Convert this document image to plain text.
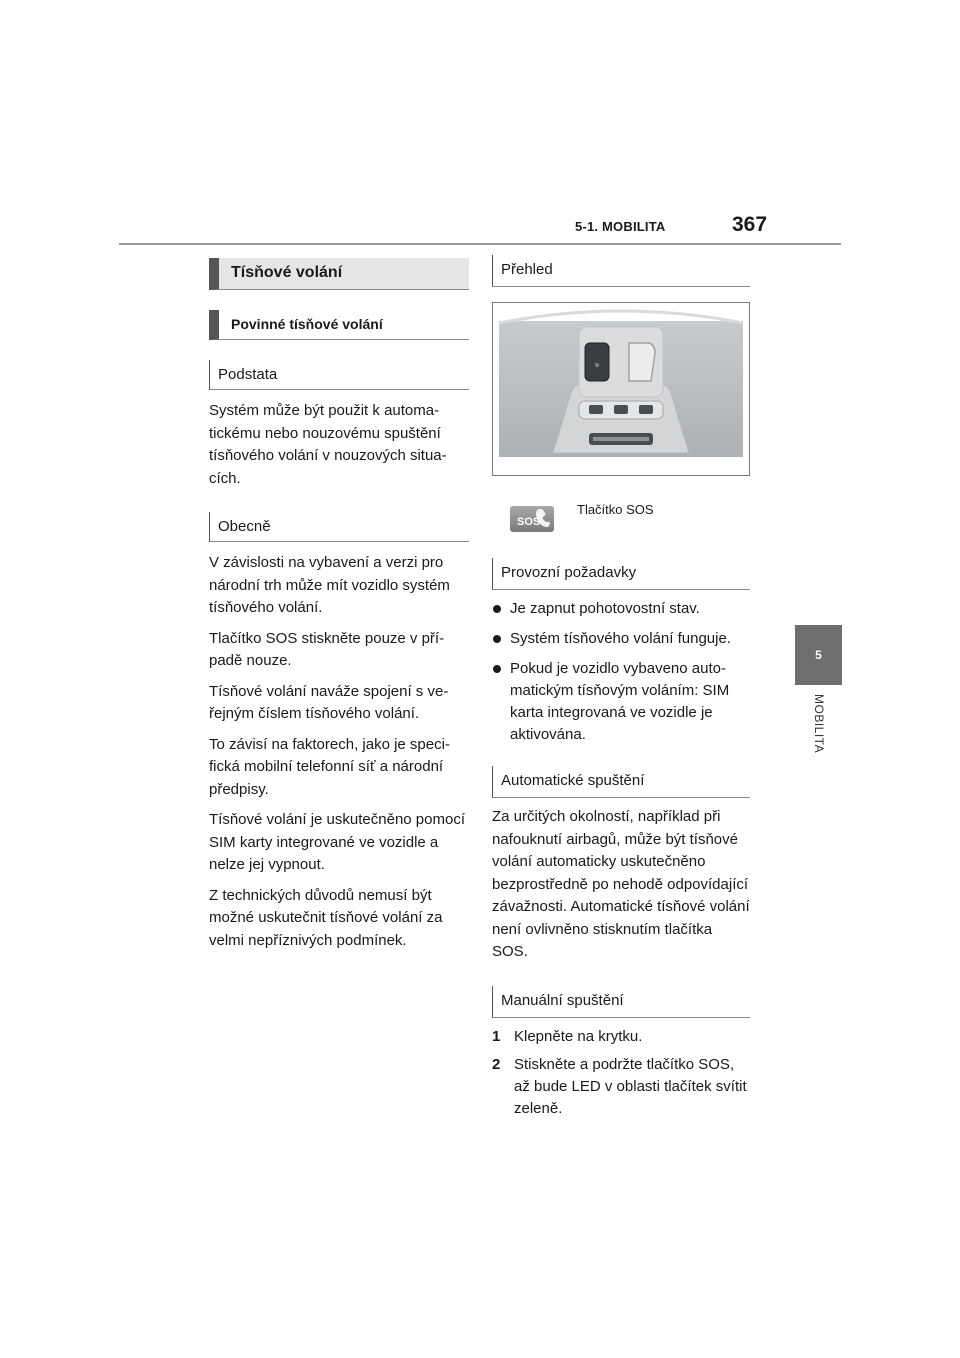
5-1. MOBILITA	367
5
MOBILITA
Tísňové volání
Povinné tísňové volání
Podstata

Systém může být použit k automatickému nebo nouzovému spuštění tísňového volání v nouzových situacích.

Obecně

V závislosti na vybavení a verzi pro národní trh může mít vozidlo systém tísňového volání.

Tlačítko SOS stiskněte pouze v případě nouze.

Tísňové volání naváže spojení s veřejným číslem tísňového volání.

To závisí na faktorech, jako je specifická mobilní telefonní síť a národní předpisy.

Tísňové volání je uskutečněno pomocí SIM karty integrované ve vozidle a nelze jej vypnout.

Z technických důvodů nemusí být možné uskutečnit tísňové volání za velmi nepříznivých podmínek.

Přehled
≋
SOS
Tlačítko SOS
Provozní požadavky
Je zapnut pohotovostní stav.
Systém tísňového volání funguje.
Pokud je vozidlo vybaveno automatickým tísňovým voláním: SIM karta integrovaná ve vozidle je aktivována.
Automatické spuštění

Za určitých okolností, například při nafouknutí airbagů, může být tísňové volání automaticky uskutečněno bezprostředně po nehodě odpovídající závažnosti. Automatické tísňové volání není ovlivněno stisknutím tlačítka SOS.

Manuální spuštění
1 Klepněte na krytku.
2 Stiskněte a podržte tlačítko SOS, až bude LED v oblasti tlačítek svítit zeleně.
